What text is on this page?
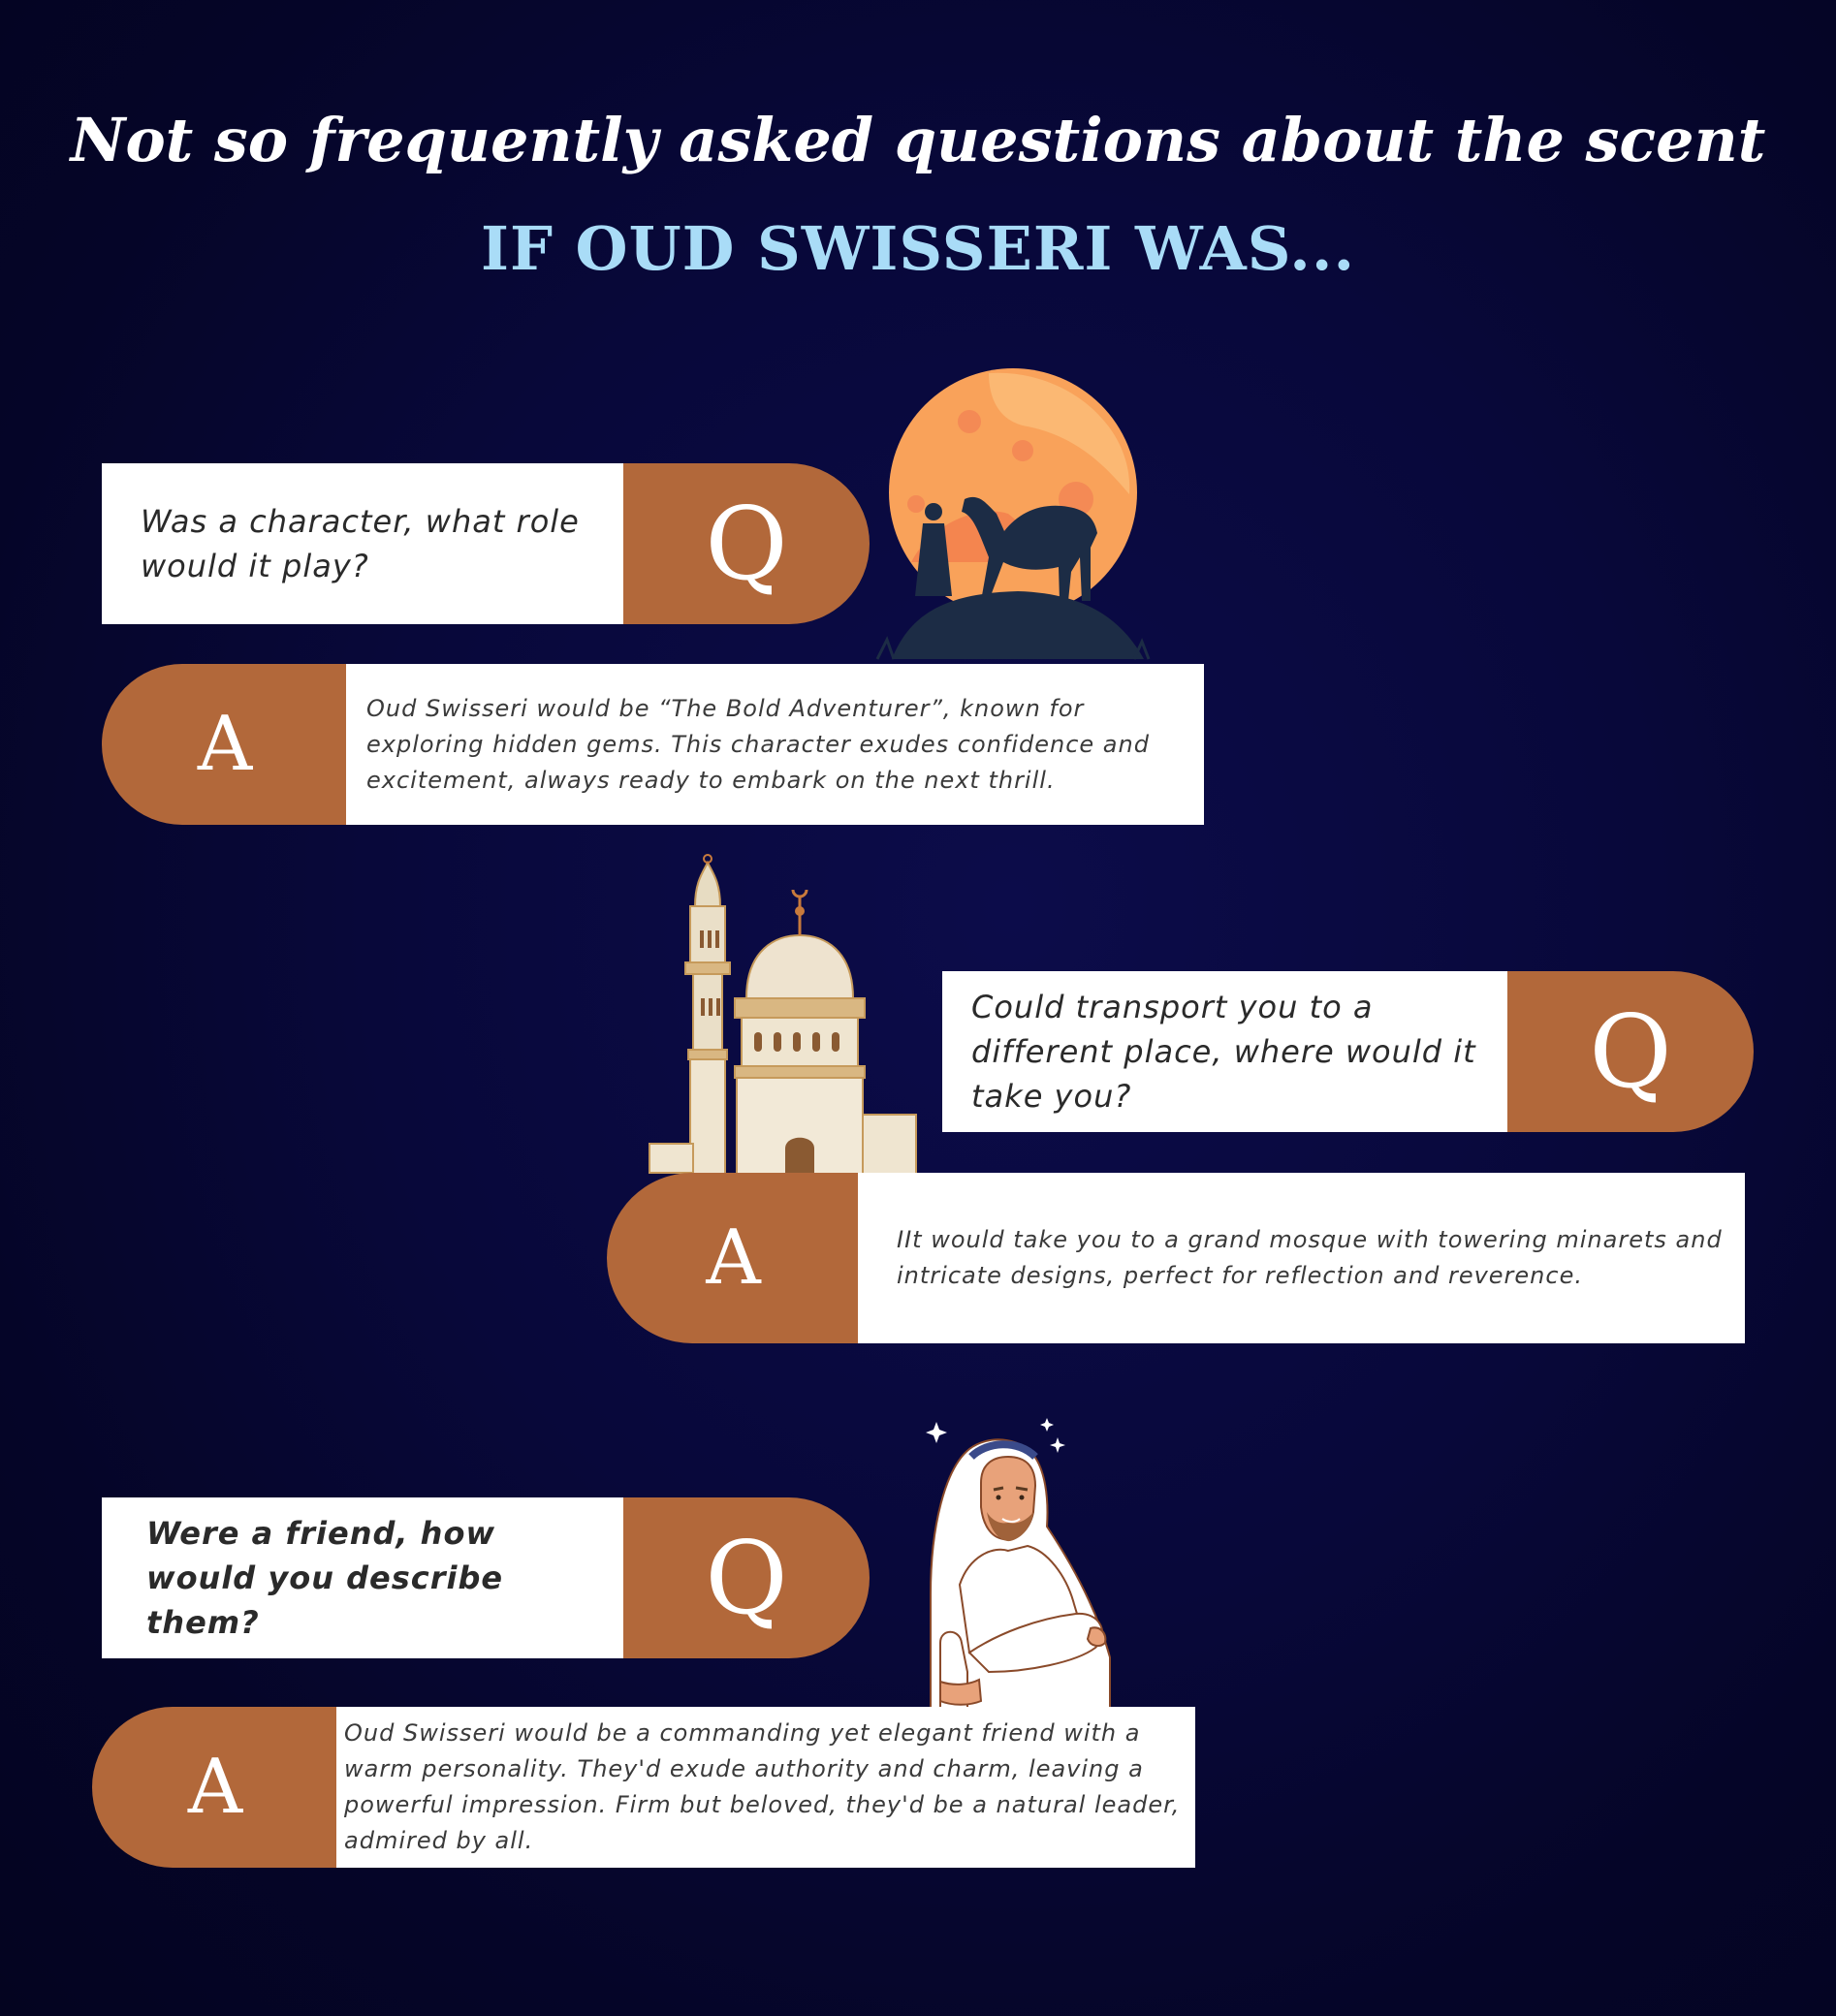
Not so frequently asked questions about the scent
IF OUD SWISSERI WAS...

Was a character, what role would it play?	Q
A	Oud Swisseri would be “The Bold Adventurer”, known for exploring hidden gems. This character exudes confidence and excitement, always ready to embark on the next thrill.

Could transport you to a different place, where would it take you?	Q
A	IIt would take you to a grand mosque with towering minarets and intricate designs, perfect for reflection and reverence.

Were a friend, how would you describe them?	Q
A

Oud Swisseri would be a commanding yet elegant friend with a warm personality. They'd exude authority and charm, leaving a powerful impression. Firm but beloved, they'd be a natural leader, admired by all.
